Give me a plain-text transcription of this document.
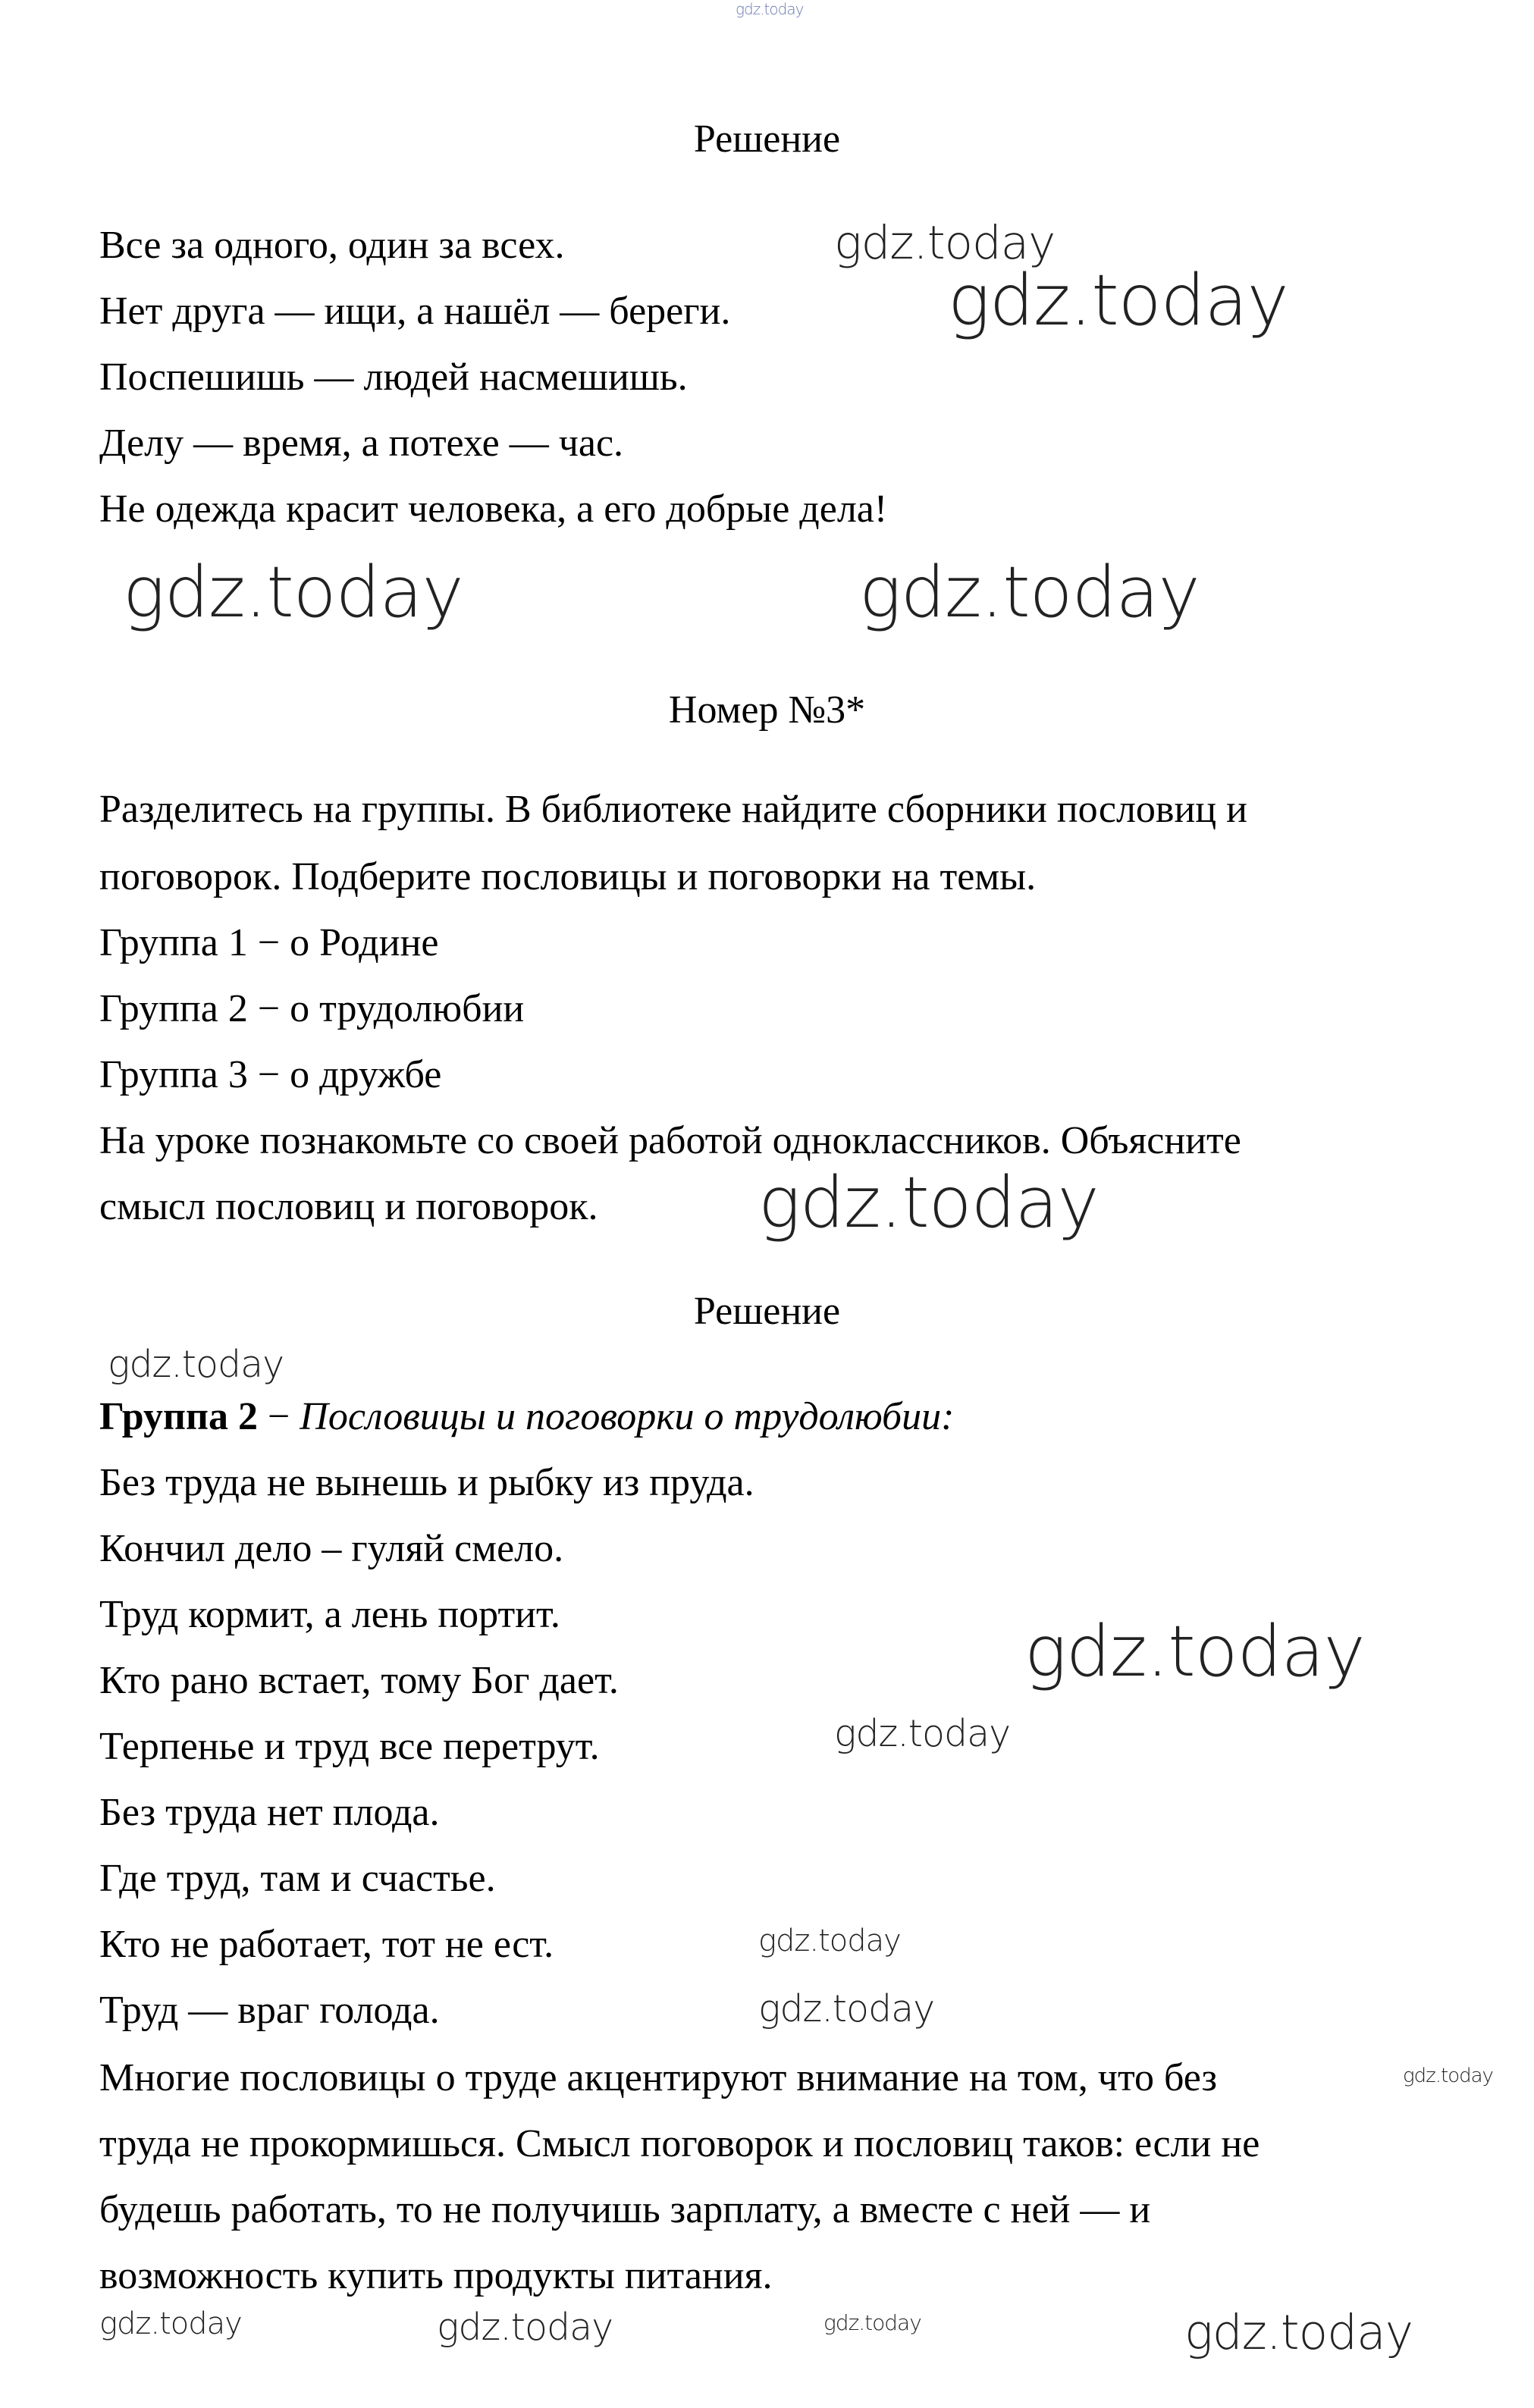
gdz.today
Решение
Все за одного, один за всех.
Нет друга — ищи, а нашёл — береги.
Поспешишь — людей насмешишь.
Делу — время, а потехе — час.
Не одежда красит человека, а его добрые дела!
Номер №3*
Разделитесь на группы. В библиотеке найдите сборники пословиц и
поговорок. Подберите пословицы и поговорки на темы.
Группа 1 − о Родине
Группа 2 − о трудолюбии
Группа 3 − о дружбе
На уроке познакомьте со своей работой одноклассников. Объясните
смысл пословиц и поговорок.
Решение
Группа 2 − Пословицы и поговорки о трудолюбии:
Без труда не вынешь и рыбку из пруда.
Кончил дело – гуляй смело.
Труд кормит, а лень портит.
Кто рано встает, тому Бог дает.
Терпенье и труд все перетрут.
Без труда нет плода.
Где труд, там и счастье.
Кто не работает, тот не ест.
Труд — враг голода.
Многие пословицы о труде акцентируют внимание на том, что без
труда не прокормишься. Смысл поговорок и пословиц таков: если не
будешь работать, то не получишь зарплату, а вместе с ней — и
возможность купить продукты питания.
gdz.today
gdz.today
gdz.today	gdz.today
gdz.today
gdz.today
gdz.today
gdz.today
gdz.today
gdz.today
gdz.today
gdz.today	gdz.today	gdz.today	gdz.today
